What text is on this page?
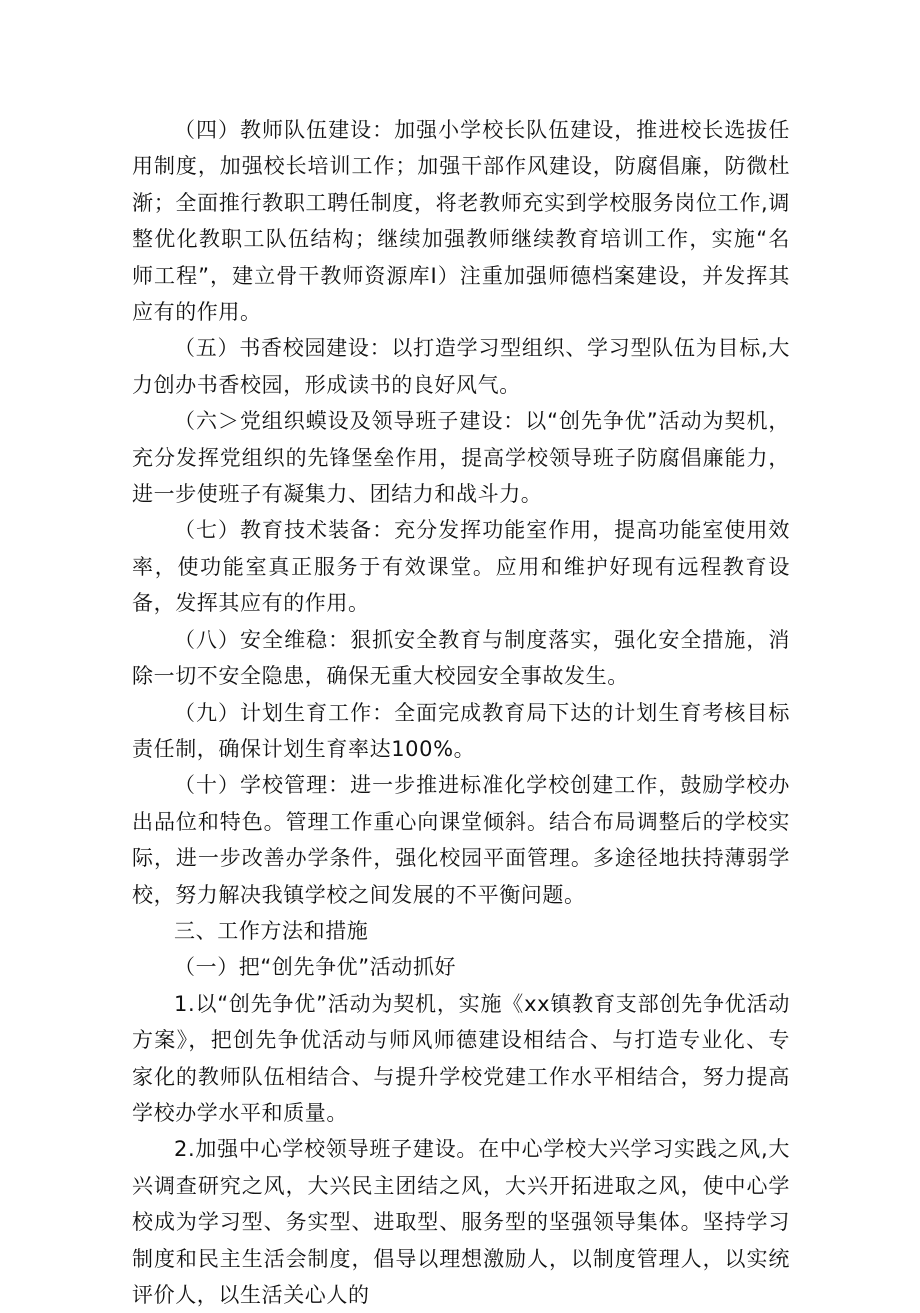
（四）教师队伍建设：加强小学校长队伍建设，推进校长选拔任用制度，加强校长培训工作；加强干部作风建设，防腐倡廉，防微杜渐；全面推行教职工聘任制度，将老教师充实到学校服务岗位工作,调整优化教职工队伍结构；继续加强教师继续教育培训工作，实施“名师工程”，建立骨干教师资源库I）注重加强师德档案建设，并发挥其应有的作用。

（五）书香校园建设：以打造学习型组织、学习型队伍为目标,大力创办书香校园，形成读书的良好风气。

（六＞党组织蟆设及领导班子建设：以“创先争优”活动为契机，充分发挥党组织的先锋堡垒作用，提高学校领导班子防腐倡廉能力，进一步使班子有凝集力、团结力和战斗力。

（七）教育技术装备：充分发挥功能室作用，提高功能室使用效率，使功能室真正服务于有效课堂。应用和维护好现有远程教育设备，发挥其应有的作用。

（八）安全维稳：狠抓安全教育与制度落实，强化安全措施，消除一切不安全隐患，确保无重大校园安全事故发生。

（九）计划生育工作：全面完成教育局下达的计划生育考核目标责任制，确保计划生育率达100%。

（十）学校管理：进一步推进标准化学校创建工作，鼓励学校办出品位和特色。管理工作重心向课堂倾斜。结合布局调整后的学校实际，进一步改善办学条件，强化校园平面管理。多途径地扶持薄弱学校，努力解决我镇学校之间发展的不平衡问题。

三、工作方法和措施

（一）把“创先争优”活动抓好

1.以“创先争优”活动为契机，实施《xx镇教育支部创先争优活动方案》，把创先争优活动与师风师德建设相结合、与打造专业化、专家化的教师队伍相结合、与提升学校党建工作水平相结合，努力提高学校办学水平和质量。

2.加强中心学校领导班子建设。在中心学校大兴学习实践之风,大兴调查研究之风，大兴民主团结之风，大兴开拓进取之风，使中心学校成为学习型、务实型、进取型、服务型的坚强领导集体。坚持学习制度和民主生活会制度，倡导以理想激励人，以制度管理人，以实统评价人，以生活关心人的
